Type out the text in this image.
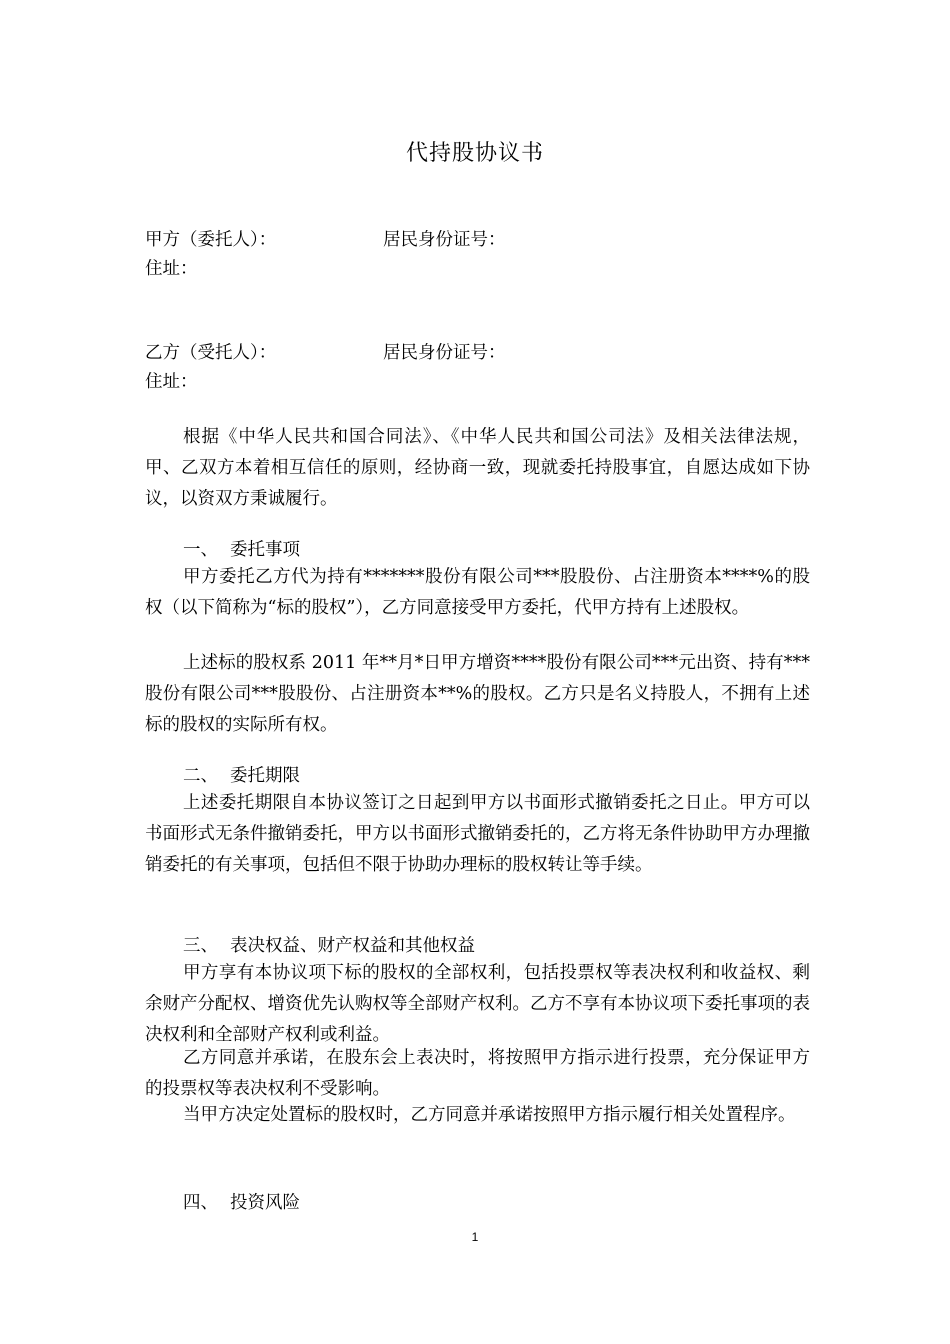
代持股协议书
甲方（委托人）：	居民身份证号：
住址：
乙方（受托人）：	居民身份证号：
住址：
根据《中华人民共和国合同法》、《中华人民共和国公司法》及相关法律法规，甲、乙双方本着相互信任的原则，经协商一致，现就委托持股事宜，自愿达成如下协议，以资双方秉诚履行。
一、 委托事项
甲方委托乙方代为持有*******股份有限公司***股股份、占注册资本****%的股权（以下简称为“标的股权”），乙方同意接受甲方委托，代甲方持有上述股权。
上述标的股权系 2011 年**月*日甲方增资****股份有限公司***元出资、持有***股份有限公司***股股份、占注册资本**%的股权。乙方只是名义持股人，不拥有上述标的股权的实际所有权。
二、 委托期限
上述委托期限自本协议签订之日起到甲方以书面形式撤销委托之日止。甲方可以书面形式无条件撤销委托，甲方以书面形式撤销委托的，乙方将无条件协助甲方办理撤销委托的有关事项，包括但不限于协助办理标的股权转让等手续。
三、 表决权益、财产权益和其他权益
甲方享有本协议项下标的股权的全部权利，包括投票权等表决权利和收益权、剩余财产分配权、增资优先认购权等全部财产权利。乙方不享有本协议项下委托事项的表决权利和全部财产权利或利益。
乙方同意并承诺，在股东会上表决时，将按照甲方指示进行投票，充分保证甲方的投票权等表决权利不受影响。
当甲方决定处置标的股权时，乙方同意并承诺按照甲方指示履行相关处置程序。
四、 投资风险
1
